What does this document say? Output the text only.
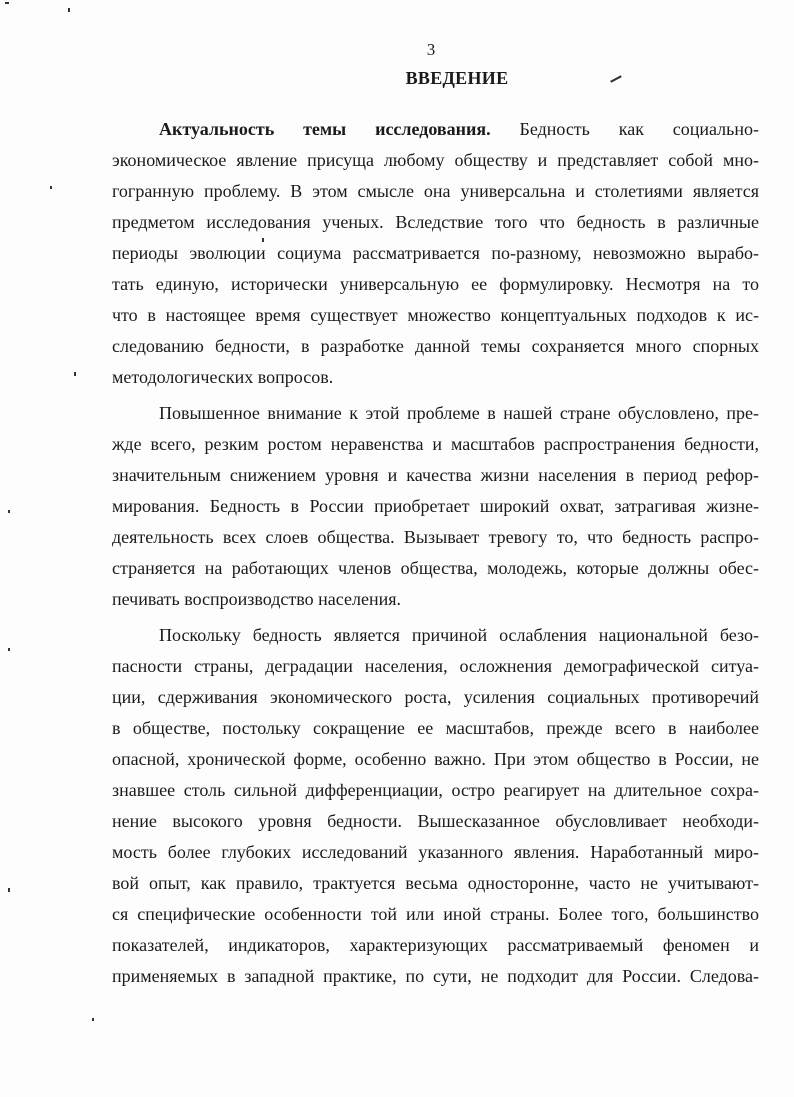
3
ВВЕДЕНИЕ
Актуальность темы исследования. Бедность как социально-
экономическое явление присуща любому обществу и представляет собой мно-
гогранную проблему. В этом смысле она универсальна и столетиями является
предметом исследования ученых. Вследствие того что бедность в различные
периоды эволюции социума рассматривается по-разному, невозможно вырабо-
тать единую, исторически универсальную ее формулировку. Несмотря на то
что в настоящее время существует множество концептуальных подходов к ис-
следованию бедности, в разработке данной темы сохраняется много спорных
методологических вопросов.
Повышенное внимание к этой проблеме в нашей стране обусловлено, пре-
жде всего, резким ростом неравенства и масштабов распространения бедности,
значительным снижением уровня и качества жизни населения в период рефор-
мирования. Бедность в России приобретает широкий охват, затрагивая жизне-
деятельность всех слоев общества. Вызывает тревогу то, что бедность распро-
страняется на работающих членов общества, молодежь, которые должны обес-
печивать воспроизводство населения.
Поскольку бедность является причиной ослабления национальной безо-
пасности страны, деградации населения, осложнения демографической ситуа-
ции, сдерживания экономического роста, усиления социальных противоречий
в обществе, постольку сокращение ее масштабов, прежде всего в наиболее
опасной, хронической форме, особенно важно. При этом общество в России, не
знавшее столь сильной дифференциации, остро реагирует на длительное сохра-
нение высокого уровня бедности. Вышесказанное обусловливает необходи-
мость более глубоких исследований указанного явления. Наработанный миро-
вой опыт, как правило, трактуется весьма односторонне, часто не учитывают-
ся специфические особенности той или иной страны. Более того, большинство
показателей, индикаторов, характеризующих рассматриваемый феномен и
применяемых в западной практике, по сути, не подходит для России. Следова-
